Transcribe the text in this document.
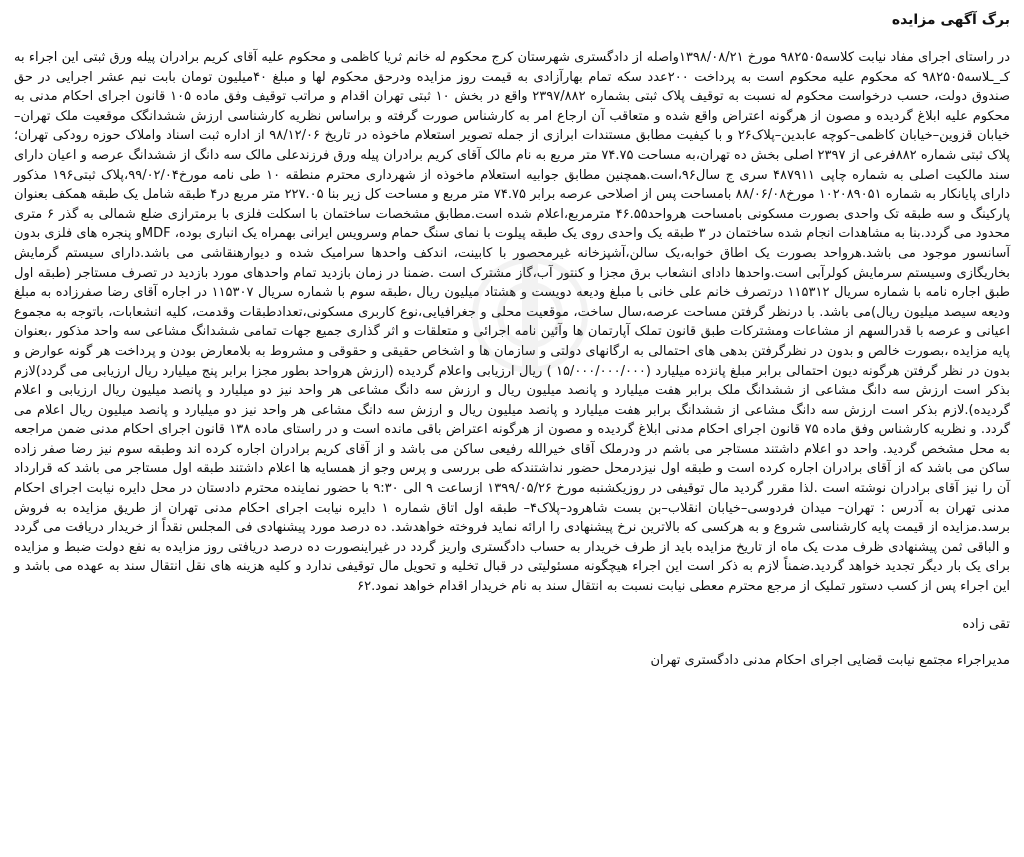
برگ آگهی مزایده

در راستای اجرای مفاد نیابت کلاسه۹۸۲۵۰۵ مورخ ۱۳۹۸/۰۸/۲۱واصله از دادگستری شهرستان کرج محکوم له خانم ثریا کاظمی و محکوم علیه آقای کریم برادران پیله ورق ثبتی این اجراء به کـ_ـلاسه۹۸۲۵۰۵ که محکوم علیه محکوم است به پرداخت ۲۰۰عدد سکه تمام بهارآزادی به قیمت روز مزایده ودرحق محکوم لها و مبلغ ۴۰میلیون تومان بابت نیم عشر اجرایی در حق صندوق دولت، حسب درخواست محکوم له نسبت به توقیف پلاک ثبتی بشماره ۲۳۹۷/۸۸۲ واقع در بخش ۱۰ ثبتی تهران اقدام و مراتب توقیف وفق ماده ۱۰۵ قانون اجرای احکام مدنی به محکوم علیه ابلاغ گردیده و مصون از هرگونه اعتراض واقع شده و متعاقب آن ارجاع امر به کارشناس صورت گرفته و براساس نظریه کارشناسی ارزش ششدانگک موقعیت ملک تهران–خیابان قزوین–خیابان کاظمی–کوچه عابدین–پلاک۲۶ و با کیفیت مطابق مستندات ابرازی از جمله تصویر استعلام ماخوذه در تاریخ ۹۸/۱۲/۰۶ از اداره ثبت اسناد واملاک حوزه رودکی تهران؛پلاک ثبتی شماره ۸۸۲فرعی از ۲۳۹۷ اصلی بخش ده تهران،به مساحت ۷۴.۷۵ متر مربع به نام مالک آقای کریم برادران پیله ورق فرزندعلی مالک سه دانگ از ششدانگ عرصه و اعیان دارای سند مالکیت اصلی به شماره چاپی ۴۸۷۹۱۱ سری ج سال۹۶،است.همچنین مطابق جوابیه استعلام ماخوذه از شهرداری محترم منطقه ۱۰ طی نامه مورخ۹۹/۰۲/۰۴،پلاک ثبتی۱۹۶ مذکور دارای پایانکار به شماره ۱۰۲۰۸۹۰۵۱ مورخ۸۸/۰۶/۰۸ بامساحت پس از اصلاحی عرصه برابر ۷۴.۷۵ متر مربع و مساحت کل زیر بنا ۲۲۷.۰۵ متر مربع در۴ طبقه شامل یک طبقه همکف بعنوان پارکینگ و سه طبقه تک واحدی بصورت مسکونی بامساحت هرواحد۴۶.۵۵ مترمربع،اعلام شده است.مطابق مشخصات ساختمان با اسکلت فلزی با برمترازی ضلع شمالی به گذر ۶ متری محدود می گردد.بنا به مشاهدات انجام شده ساختمان در ۳ طبقه یک واحدی روی یک طبقه پیلوت با نمای سنگ حمام وسرویس ایرانی بهمراه یک انباری بوده، MDFو پنجره های فلزی بدون آسانسور موجود می باشد.هرواحد بصورت یک اطاق خوابه،یک سالن،آشپزخانه غیرمحصور با کابینت، اندکف واحدها سرامیک شده و دیوارهنقاشی می باشد.دارای سیستم گرمایش بخاریگازی وسیستم سرمایش کولرآبی است.واحدها دادای انشعاب برق مجزا و کنتور آب،گاز مشترک است .ضمنا در زمان بازدید تمام واحدهای مورد بازدید در تصرف مستاجر (طبقه اول طبق اجاره نامه با شماره سریال ۱۱۵۳۱۲ درتصرف خانم علی خانی با مبلغ ودیعه دویست و هشتاد میلیون ریال ،طبقه سوم با شماره سریال ۱۱۵۳۰۷ در اجاره آقای رضا صفرزاده به مبلغ ودیعه سیصد میلیون ریال)می باشد. با درنظر گرفتن مساحت عرصه،سال ساخت، موقعیت محلی و جغرافیایی،نوع کاربری مسکونی،تعدادطبقات وقدمت، کلیه انشعابات، باتوجه به مجموع اعیانی و عرصه با قدرالسهم از مشاعات ومشترکات طبق قانون تملک آپارتمان ها وآئین نامه اجرائی و متعلقات و اثر گذاری جمیع جهات تمامی ششدانگ مشاعی سه واحد مذکور ،بعنوان پایه مزایده ،بصورت خالص و بدون در نظرگرفتن بدهی های احتمالی به ارگانهای دولتی و سازمان ها و اشخاص حقیقی و حقوقی و مشروط به بلامعارض بودن و پرداخت هر گونه عوارض و بدون در نظر گرفتن هرگونه دیون احتمالی برابر مبلغ پانزده میلیارد (۱۵/۰۰۰/۰۰۰/۰۰۰ ) ریال ارزیابی واعلام گردیده (ارزش هرواحد بطور مجزا برابر پنج میلیارد ریال ارزیابی می گردد)لازم بذکر است ارزش سه دانگ مشاعی از ششدانگ ملک برابر هفت میلیارد و پانصد میلیون ریال و ارزش سه دانگ مشاعی هر واحد نیز دو میلیارد و پانصد میلیون ریال ارزیابی و اعلام گردیده).لازم بذکر است ارزش سه دانگ مشاعی از ششدانگ برابر هفت میلیارد و پانصد میلیون ریال و ارزش سه دانگ مشاعی هر واحد نیز دو میلیارد و پانصد میلیون ریال اعلام می گردد. و نظریه کارشناس وفق ماده ۷۵ قانون اجرای احکام مدنی ابلاغ گردیده و مصون از هرگونه اعتراض باقی مانده است و در راستای ماده ۱۳۸ قانون اجرای احکام مدنی ضمن مراجعه به محل مشخص گردید. واحد دو اعلام داشتند مستاجر می باشم در ودرملک آقای خیرالله رفیعی ساکن می باشد و از آقای کریم برادران اجاره کرده اند وطبقه سوم نیز رضا صفر زاده ساکن می باشد که از آقای برادران اجاره کرده است و طبقه اول نیزدرمحل حضور نداشتندکه طی بررسی و پرس وجو از همسایه ها اعلام داشتند طبقه اول مستاجر می باشد که قرارداد آن را نیز آقای برادران نوشته است .لذا مقرر گردید مال توقیفی در روزیکشنبه مورخ ۱۳۹۹/۰۵/۲۶ ازساعت ۹ الی ۹:۳۰ با حضور نماینده محترم دادستان در محل دایره نیابت اجرای احکام مدنی تهران به آدرس : تهران– میدان فردوسی–خیابان انقلاب–بن بست شاهرود–پلاک۴– طبقه اول اتاق شماره ۱ دایره نیابت اجرای احکام مدنی تهران از طریق مزایده به فروش برسد.مزایده از قیمت پایه کارشناسی شروع و به هرکسی که بالاترین نرخ پیشنهادی را ارائه نماید فروخته خواهدشد. ده درصد مورد پیشنهادی فی المجلس نقداً از خریدار دریافت می گردد و الباقی ثمن پیشنهادی ظرف مدت یک ماه از تاریخ مزایده باید از طرف خریدار به حساب دادگستری واریز گردد در غیراینصورت ده درصد دریافتی روز مزایده به نفع دولت ضبط و مزایده برای یک بار دیگر تجدید خواهد گردید.ضمناً لازم به ذکر است این اجراء هیچگونه مسئولیتی در قبال تخلیه و تحویل مال توقیفی ندارد و کلیه هزینه های نقل انتقال سند به عهده می باشد و این اجراء پس از کسب دستور تملیک از مرجع محترم معطی نیابت نسبت به انتقال سند به نام خریدار اقدام خواهد نمود.۶۲

تقی زاده
مدیراجراء مجتمع نیابت قضایی اجرای احکام مدنی دادگستری تهران
